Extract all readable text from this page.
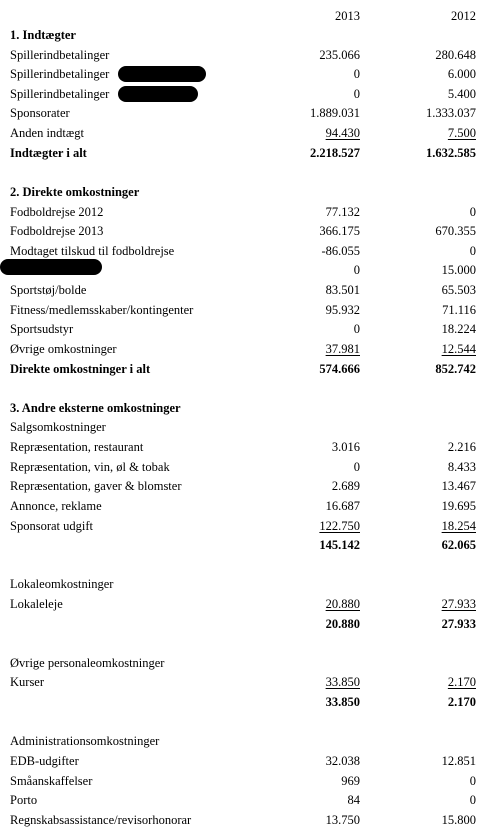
2013	2012
1. Indtægter
Spillerindbetalinger	235.066	280.648
Spillerindbetalinger	0	6.000
Spillerindbetalinger	0	5.400
Sponsorater	1.889.031	1.333.037
Anden indtægt	94.430	7.500
Indtægter i alt	2.218.527	1.632.585
2. Direkte omkostninger
Fodboldrejse 2012	77.132	0
Fodboldrejse 2013	366.175	670.355
Modtaget tilskud til fodboldrejse	-86.055	0
0	15.000
Sportstøj/bolde	83.501	65.503
Fitness/medlemsskaber/kontingenter	95.932	71.116
Sportsudstyr	0	18.224
Øvrige omkostninger	37.981	12.544
Direkte omkostninger i alt	574.666	852.742
3. Andre eksterne omkostninger
Salgsomkostninger
Repræsentation, restaurant	3.016	2.216
Repræsentation, vin, øl & tobak	0	8.433
Repræsentation, gaver & blomster	2.689	13.467
Annonce, reklame	16.687	19.695
Sponsorat udgift	122.750	18.254
145.142	62.065
Lokaleomkostninger
Lokaleleje	20.880	27.933
20.880	27.933
Øvrige personaleomkostninger
Kurser	33.850	2.170
33.850	2.170
Administrationsomkostninger
EDB-udgifter	32.038	12.851
Småanskaffelser	969	0
Porto	84	0
Regnskabsassistance/revisorhonorar	13.750	15.800
